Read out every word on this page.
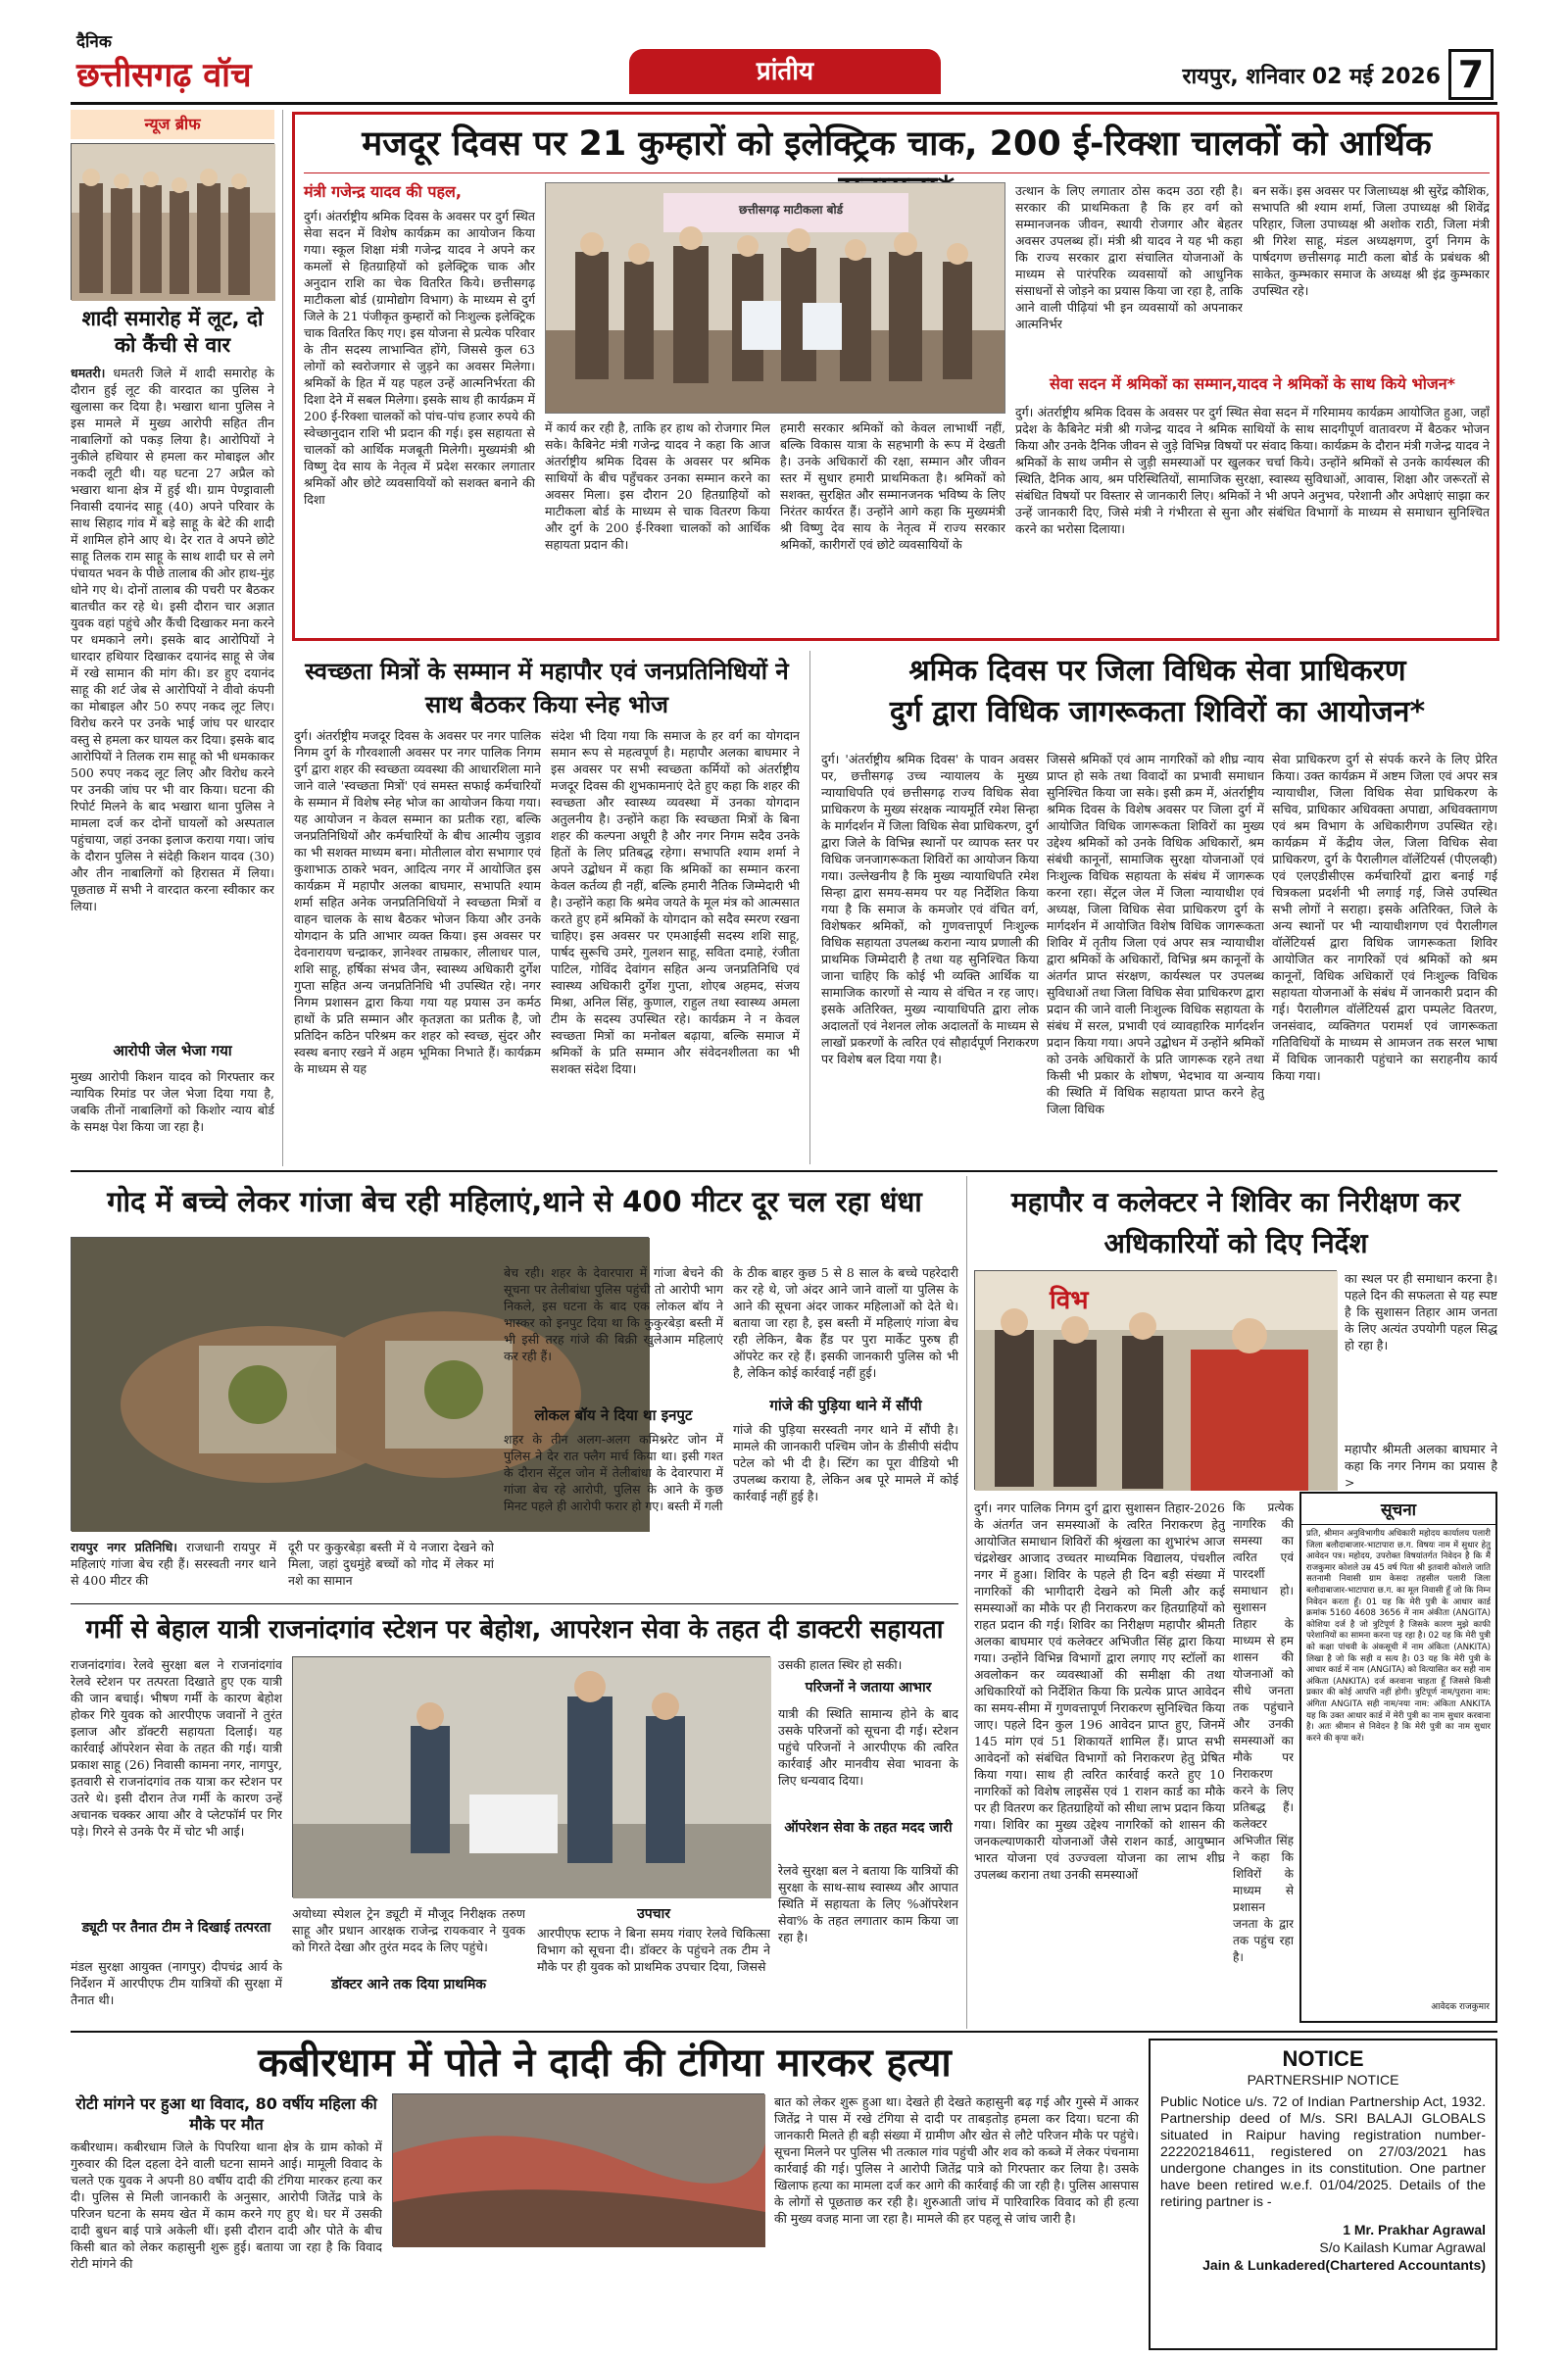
दैनिक
छत्तीसगढ़ वॉच	प्रांतीय	रायपुर, शनिवार 02 मई 2026 7
न्यूज ब्रीफ
शादी समारोह में लूट, दो को कैंची से वार
धमतरी। धमतरी जिले में शादी समारोह के दौरान हुई लूट की वारदात का पुलिस ने खुलासा कर दिया है। भखारा थाना पुलिस ने इस मामले में मुख्य आरोपी सहित तीन नाबालिगों को पकड़ लिया है। आरोपियों ने नुकीले हथियार से हमला कर मोबाइल और नकदी लूटी थी। यह घटना 27 अप्रैल को भखारा थाना क्षेत्र में हुई थी। ग्राम पेण्ड्रावाली निवासी दयानंद साहू (40) अपने परिवार के साथ सिहाद गांव में बड़े साहू के बेटे की शादी में शामिल होने आए थे। देर रात वे अपने छोटे साहू तिलक राम साहू के साथ शादी घर से लगे पंचायत भवन के पीछे तालाब की ओर हाथ-मुंह धोने गए थे। दोनों तालाब की पचरी पर बैठकर बातचीत कर रहे थे। इसी दौरान चार अज्ञात युवक वहां पहुंचे और कैंची दिखाकर मना करने पर धमकाने लगे। इसके बाद आरोपियों ने धारदार हथियार दिखाकर दयानंद साहू से जेब में रखे सामान की मांग की। डर हुए दयानंद साहू की शर्ट जेब से आरोपियों ने वीवो कंपनी का मोबाइल और 50 रुपए नकद लूट लिए। विरोध करने पर उनके भाई जांघ पर धारदार वस्तु से हमला कर घायल कर दिया। इसके बाद आरोपियों ने तिलक राम साहू को भी धमकाकर 500 रुपए नकद लूट लिए और विरोध करने पर उनकी जांघ पर भी वार किया। घटना की रिपोर्ट मिलने के बाद भखारा थाना पुलिस ने मामला दर्ज कर दोनों घायलों को अस्पताल पहुंचाया, जहां उनका इलाज कराया गया। जांच के दौरान पुलिस ने संदेही किशन यादव (30) और तीन नाबालिगों को हिरासत में लिया। पूछताछ में सभी ने वारदात करना स्वीकार कर लिया।
आरोपी जेल भेजा गया
मुख्य आरोपी किशन यादव को गिरफ्तार कर न्यायिक रिमांड पर जेल भेजा दिया गया है, जबकि तीनों नाबालिगों को किशोर न्याय बोर्ड के समक्ष पेश किया जा रहा है।
मजदूर दिवस पर 21 कुम्हारों को इलेक्ट्रिक चाक, 200 ई-रिक्शा चालकों को आर्थिक
मंत्री गजेन्द्र यादव की पहल,
दुर्ग। अंतर्राष्ट्रीय श्रमिक दिवस के अवसर पर दुर्ग स्थित सेवा सदन में विशेष कार्यक्रम का आयोजन किया गया। स्कूल शिक्षा मंत्री गजेन्द्र यादव ने अपने कर कमलों से हितग्राहियों को इलेक्ट्रिक चाक और अनुदान राशि का चेक वितरित किये। छत्तीसगढ़ माटीकला बोर्ड (ग्रामोद्योग विभाग) के माध्यम से दुर्ग जिले के 21 पंजीकृत कुम्हारों को निःशुल्क इलेक्ट्रिक चाक वितरित किए गए। इस योजना से प्रत्येक परिवार के तीन सदस्य लाभान्वित होंगे, जिससे कुल 63 लोगों को स्वरोजगार से जुड़ने का अवसर मिलेगा। श्रमिकों के हित में यह पहल उन्हें आत्मनिर्भरता की दिशा देने में सबल मिलेगा। इसके साथ ही कार्यक्रम में 200 ई-रिक्शा चालकों को पांच-पांच हजार रुपये की स्वेच्छानुदान राशि भी प्रदान की गई। इस सहायता से चालकों को आर्थिक मजबूती मिलेगी। मुख्यमंत्री श्री विष्णु देव साय के नेतृत्व में प्रदेश सरकार लगातार श्रमिकों और छोटे व्यवसायियों को सशक्त बनाने की दिशा
छत्तीसगढ़ माटीकला बोर्ड
में कार्य कर रही है, ताकि हर हाथ को रोजगार मिल सके। कैबिनेट मंत्री गजेन्द्र यादव ने कहा कि आज अंतर्राष्ट्रीय श्रमिक दिवस के अवसर पर श्रमिक साथियों के बीच पहुँचकर उनका सम्मान करने का अवसर मिला। इस दौरान 20 हितग्राहियों को माटीकला बोर्ड के माध्यम से चाक वितरण किया और दुर्ग के 200 ई-रिक्शा चालकों को आर्थिक सहायता प्रदान की।
हमारी सरकार श्रमिकों को केवल लाभार्थी नहीं, बल्कि विकास यात्रा के सहभागी के रूप में देखती है। उनके अधिकारों की रक्षा, सम्मान और जीवन स्तर में सुधार हमारी प्राथमिकता है। श्रमिकों को सशक्त, सुरक्षित और सम्मानजनक भविष्य के लिए निरंतर कार्यरत हैं। उन्होंने आगे कहा कि मुख्यमंत्री श्री विष्णु देव साय के नेतृत्व में राज्य सरकार श्रमिकों, कारीगरों एवं छोटे व्यवसायियों के
उत्थान के लिए लगातार ठोस कदम उठा रही है। सरकार की प्राथमिकता है कि हर वर्ग को सम्मानजनक जीवन, स्थायी रोजगार और बेहतर अवसर उपलब्ध हों। मंत्री श्री यादव ने यह भी कहा कि राज्य सरकार द्वारा संचालित योजनाओं के माध्यम से पारंपरिक व्यवसायों को आधुनिक संसाधनों से जोड़ने का प्रयास किया जा रहा है, ताकि आने वाली पीढ़ियां भी इन व्यवसायों को अपनाकर आत्मनिर्भर
बन सकें। इस अवसर पर जिलाध्यक्ष श्री सुरेंद्र कौशिक, सभापति श्री श्याम शर्मा, जिला उपाध्यक्ष श्री शिवेंद्र परिहार, जिला उपाध्यक्ष श्री अशोक राठी, जिला मंत्री श्री गिरेश साहू, मंडल अध्यक्षगण, दुर्ग निगम के पार्षदगण छत्तीसगढ़ माटी कला बोर्ड के प्रबंधक श्री साकेत, कुम्भकार समाज के अध्यक्ष श्री इंद्र कुम्भकार उपस्थित रहे।
सेवा सदन में श्रमिकों का सम्मान,यादव ने श्रमिकों के साथ किये भोजन*
दुर्ग। अंतर्राष्ट्रीय श्रमिक दिवस के अवसर पर दुर्ग स्थित सेवा सदन में गरिमामय कार्यक्रम आयोजित हुआ, जहाँ प्रदेश के कैबिनेट मंत्री श्री गजेन्द्र यादव ने श्रमिक साथियों के साथ सादगीपूर्ण वातावरण में बैठकर भोजन किया और उनके दैनिक जीवन से जुड़े विभिन्न विषयों पर संवाद किया। कार्यक्रम के दौरान मंत्री गजेन्द्र यादव ने श्रमिकों के साथ जमीन से जुड़ी समस्याओं पर खुलकर चर्चा किये। उन्होंने श्रमिकों से उनके कार्यस्थल की स्थिति, दैनिक आय, श्रम परिस्थितियों, सामाजिक सुरक्षा, स्वास्थ्य सुविधाओं, आवास, शिक्षा और जरूरतों से संबंधित विषयों पर विस्तार से जानकारी लिए। श्रमिकों ने भी अपने अनुभव, परेशानी और अपेक्षाएं साझा कर उन्हें जानकारी दिए, जिसे मंत्री ने गंभीरता से सुना और संबंधित विभागों के माध्यम से समाधान सुनिश्चित करने का भरोसा दिलाया।
स्वच्छता मित्रों के सम्मान में महापौर एवं जनप्रतिनिधियों ने साथ बैठकर किया स्नेह भोज
दुर्ग। अंतर्राष्ट्रीय मजदूर दिवस के अवसर पर नगर पालिक निगम दुर्ग के गौरवशाली अवसर पर नगर पालिक निगम दुर्ग द्वारा शहर की स्वच्छता व्यवस्था की आधारशिला माने जाने वाले 'स्वच्छता मित्रों' एवं समस्त सफाई कर्मचारियों के सम्मान में विशेष स्नेह भोज का आयोजन किया गया। यह आयोजन न केवल सम्मान का प्रतीक रहा, बल्कि जनप्रतिनिधियों और कर्मचारियों के बीच आत्मीय जुड़ाव का भी सशक्त माध्यम बना। मोतीलाल वोरा सभागार एवं कुशाभाऊ ठाकरे भवन, आदित्य नगर में आयोजित इस कार्यक्रम में महापौर अलका बाघमार, सभापति श्याम शर्मा सहित अनेक जनप्रतिनिधियों ने स्वच्छता मित्रों व वाहन चालक के साथ बैठकर भोजन किया और उनके योगदान के प्रति आभार व्यक्त किया। इस अवसर पर देवनारायण चन्द्राकर, ज्ञानेश्वर ताम्रकार, लीलाधर पाल, शशि साहू, हर्षिका संभव जैन, स्वास्थ्य अधिकारी दुर्गेश गुप्ता सहित अन्य जनप्रतिनिधि भी उपस्थित रहे। नगर निगम प्रशासन द्वारा किया गया यह प्रयास उन कर्मठ हाथों के प्रति सम्मान और कृतज्ञता का प्रतीक है, जो प्रतिदिन कठिन परिश्रम कर शहर को स्वच्छ, सुंदर और स्वस्थ बनाए रखने में अहम भूमिका निभाते हैं। कार्यक्रम के माध्यम से यह
संदेश भी दिया गया कि समाज के हर वर्ग का योगदान समान रूप से महत्वपूर्ण है। महापौर अलका बाघमार ने इस अवसर पर सभी स्वच्छता कर्मियों को अंतर्राष्ट्रीय मजदूर दिवस की शुभकामनाएं देते हुए कहा कि शहर की स्वच्छता और स्वास्थ्य व्यवस्था में उनका योगदान अतुलनीय है। उन्होंने कहा कि स्वच्छता मित्रों के बिना शहर की कल्पना अधूरी है और नगर निगम सदैव उनके हितों के लिए प्रतिबद्ध रहेगा। सभापति श्याम शर्मा ने अपने उद्बोधन में कहा कि श्रमिकों का सम्मान करना केवल कर्तव्य ही नहीं, बल्कि हमारी नैतिक जिम्मेदारी भी है। उन्होंने कहा कि श्रमेव जयते के मूल मंत्र को आत्मसात करते हुए हमें श्रमिकों के योगदान को सदैव स्मरण रखना चाहिए। इस अवसर पर एमआईसी सदस्य शशि साहू, पार्षद सुरूचि उमरे, गुलशन साहू, सविता दमाहे, रंजीता पाटिल, गोविंद देवांगन सहित अन्य जनप्रतिनिधि एवं स्वास्थ्य अधिकारी दुर्गेश गुप्ता, शोएब अहमद, संजय मिश्रा, अनिल सिंह, कुणाल, राहुल तथा स्वास्थ्य अमला टीम के सदस्य उपस्थित रहे। कार्यक्रम ने न केवल स्वच्छता मित्रों का मनोबल बढ़ाया, बल्कि समाज में श्रमिकों के प्रति सम्मान और संवेदनशीलता का भी सशक्त संदेश दिया।
श्रमिक दिवस पर जिला विधिक सेवा प्राधिकरण
दुर्ग द्वारा विधिक जागरूकता शिविरों का आयोजन*
दुर्ग। 'अंतर्राष्ट्रीय श्रमिक दिवस' के पावन अवसर पर, छत्तीसगढ़ उच्च न्यायालय के मुख्य न्यायाधिपति एवं छत्तीसगढ़ राज्य विधिक सेवा प्राधिकरण के मुख्य संरक्षक न्यायमूर्ति रमेश सिन्हा के मार्गदर्शन में जिला विधिक सेवा प्राधिकरण, दुर्ग द्वारा जिले के विभिन्न स्थानों पर व्यापक स्तर पर विधिक जनजागरूकता शिविरों का आयोजन किया गया। उल्लेखनीय है कि मुख्य न्यायाधिपति रमेश सिन्हा द्वारा समय-समय पर यह निर्देशित किया गया है कि समाज के कमजोर एवं वंचित वर्ग, विशेषकर श्रमिकों, को गुणवत्तापूर्ण निःशुल्क विधिक सहायता उपलब्ध कराना न्याय प्रणाली की प्राथमिक जिम्मेदारी है तथा यह सुनिश्चित किया जाना चाहिए कि कोई भी व्यक्ति आर्थिक या सामाजिक कारणों से न्याय से वंचित न रह जाए। इसके अतिरिक्त, मुख्य न्यायाधिपति द्वारा लोक अदालतों एवं नेशनल लोक अदालतों के माध्यम से लाखों प्रकरणों के त्वरित एवं सौहार्दपूर्ण निराकरण पर विशेष बल दिया गया है।
जिससे श्रमिकों एवं आम नागरिकों को शीघ्र न्याय प्राप्त हो सके तथा विवादों का प्रभावी समाधान सुनिश्चित किया जा सके। इसी क्रम में, अंतर्राष्ट्रीय श्रमिक दिवस के विशेष अवसर पर जिला दुर्ग में आयोजित विधिक जागरूकता शिविरों का मुख्य उद्देश्य श्रमिकों को उनके विधिक अधिकारों, श्रम संबंधी कानूनों, सामाजिक सुरक्षा योजनाओं एवं निःशुल्क विधिक सहायता के संबंध में जागरूक करना रहा। सेंट्रल जेल में जिला न्यायाधीश एवं अध्यक्ष, जिला विधिक सेवा प्राधिकरण दुर्ग के मार्गदर्शन में आयोजित विशेष विधिक जागरूकता शिविर में तृतीय जिला एवं अपर सत्र न्यायाधीश द्वारा श्रमिकों के अधिकारों, विभिन्न श्रम कानूनों के अंतर्गत प्राप्त संरक्षण, कार्यस्थल पर उपलब्ध सुविधाओं तथा जिला विधिक सेवा प्राधिकरण द्वारा प्रदान की जाने वाली निःशुल्क विधिक सहायता के संबंध में सरल, प्रभावी एवं व्यावहारिक मार्गदर्शन प्रदान किया गया। अपने उद्बोधन में उन्होंने श्रमिकों को उनके अधिकारों के प्रति जागरूक रहने तथा किसी भी प्रकार के शोषण, भेदभाव या अन्याय की स्थिति में विधिक सहायता प्राप्त करने हेतु जिला विधिक
सेवा प्राधिकरण दुर्ग से संपर्क करने के लिए प्रेरित किया। उक्त कार्यक्रम में अष्टम जिला एवं अपर सत्र न्यायाधीश, जिला विधिक सेवा प्राधिकरण के सचिव, प्राधिकार अधिवक्ता अपाद्या, अधिवक्तागण एवं श्रम विभाग के अधिकारीगण उपस्थित रहे। कार्यक्रम में केंद्रीय जेल, जिला विधिक सेवा प्राधिकरण, दुर्ग के पैरालीगल वॉलेंटियर्स (पीएलव्ही) एवं एलएडीसीएस कर्मचारियों द्वारा बनाई गई चित्रकला प्रदर्शनी भी लगाई गई, जिसे उपस्थित सभी लोगों ने सराहा। इसके अतिरिक्त, जिले के अन्य स्थानों पर भी न्यायाधीशगण एवं पैरालीगल वॉलेंटियर्स द्वारा विधिक जागरूकता शिविर आयोजित कर नागरिकों एवं श्रमिकों को श्रम कानूनों, विधिक अधिकारों एवं निःशुल्क विधिक सहायता योजनाओं के संबंध में जानकारी प्रदान की गई। पैरालीगल वॉलेंटियर्स द्वारा पम्पलेट वितरण, जनसंवाद, व्यक्तिगत परामर्श एवं जागरूकता गतिविधियों के माध्यम से आमजन तक सरल भाषा में विधिक जानकारी पहुंचाने का सराहनीय कार्य किया गया।
गोद में बच्चे लेकर गांजा बेच रही महिलाएं,थाने से 400 मीटर दूर चल रहा धंधा
रायपुर नगर प्रतिनिधि। राजधानी रायपुर में महिलाएं गांजा बेच रही हैं। सरस्वती नगर थाने से 400 मीटर की
दूरी पर कुकुरबेड़ा बस्ती में ये नजारा देखने को मिला, जहां दुधमुंहे बच्चों को गोद में लेकर मां नशे का सामान
बेच रही। शहर के देवारपारा में गांजा बेचने की सूचना पर तेलीबांधा पुलिस पहुंची तो आरोपी भाग निकले, इस घटना के बाद एक लोकल बॉय ने भास्कर को इनपुट दिया था कि कुकुरबेड़ा बस्ती में भी इसी तरह गांजे की बिक्री खुलेआम महिलाएं कर रही हैं।
लोकल बॉय ने दिया था इनपुट
शहर के तीन अलग-अलग कमिश्नरेट जोन में पुलिस ने देर रात फ्लैग मार्च किया था। इसी गश्त के दौरान सेंट्रल जोन में तेलीबांधा के देवारपारा में गांजा बेच रहे आरोपी, पुलिस के आने के कुछ मिनट पहले ही आरोपी फरार हो गए। बस्ती में गली
के ठीक बाहर कुछ 5 से 8 साल के बच्चे पहरेदारी कर रहे थे, जो अंदर आने जाने वालों या पुलिस के आने की सूचना अंदर जाकर महिलाओं को देते थे। बताया जा रहा है, इस बस्ती में महिलाएं गांजा बेच रही लेकिन, बैक हैंड पर पुरा मार्केट पुरुष ही ऑपरेट कर रहे हैं। इसकी जानकारी पुलिस को भी है, लेकिन कोई कार्रवाई नहीं हुई।
गांजे की पुड़िया थाने में सौंपी
गांजे की पुड़िया सरस्वती नगर थाने में सौंपी है। मामले की जानकारी पश्चिम जोन के डीसीपी संदीप पटेल को भी दी है। स्टिंग का पूरा वीडियो भी उपलब्ध कराया है, लेकिन अब पूरे मामले में कोई कार्रवाई नहीं हुई है।
महापौर व कलेक्टर ने शिविर का निरीक्षण कर अधिकारियों को दिए निर्देश
विभ
का स्थल पर ही समाधान करना है। पहले दिन की सफलता से यह स्पष्ट है कि सुशासन तिहार आम जनता के लिए अत्यंत उपयोगी पहल सिद्ध हो रहा है।
महापौर श्रीमती अलका बाघमार ने कहा कि नगर निगम का प्रयास है >
दुर्ग। नगर पालिक निगम दुर्ग द्वारा सुशासन तिहार-2026 के अंतर्गत जन समस्याओं के त्वरित निराकरण हेतु आयोजित समाधान शिविरों की श्रृंखला का शुभारंभ आज चंद्रशेखर आजाद उच्चतर माध्यमिक विद्यालय, पंचशील नगर में हुआ। शिविर के पहले ही दिन बड़ी संख्या में नागरिकों की भागीदारी देखने को मिली और कई समस्याओं का मौके पर ही निराकरण कर हितग्राहियों को राहत प्रदान की गई। शिविर का निरीक्षण महापौर श्रीमती अलका बाघमार एवं कलेक्टर अभिजीत सिंह द्वारा किया गया। उन्होंने विभिन्न विभागों द्वारा लगाए गए स्टॉलों का अवलोकन कर व्यवस्थाओं की समीक्षा की तथा अधिकारियों को निर्देशित किया कि प्रत्येक प्राप्त आवेदन का समय-सीमा में गुणवत्तापूर्ण निराकरण सुनिश्चित किया जाए। पहले दिन कुल 196 आवेदन प्राप्त हुए, जिनमें 145 मांग एवं 51 शिकायतें शामिल हैं। प्राप्त सभी आवेदनों को संबंधित विभागों को निराकरण हेतु प्रेषित किया गया। साथ ही त्वरित कार्रवाई करते हुए 10 नागरिकों को विशेष लाइसेंस एवं 1 राशन कार्ड का मौके पर ही वितरण कर हितग्राहियों को सीधा लाभ प्रदान किया गया। शिविर का मुख्य उद्देश्य नागरिकों को शासन की जनकल्याणकारी योजनाओं जैसे राशन कार्ड, आयुष्मान भारत योजना एवं उज्ज्वला योजना का लाभ शीघ्र उपलब्ध कराना तथा उनकी समस्याओं
कि प्रत्येक नागरिक की समस्या का त्वरित एवं पारदर्शी समाधान हो। सुशासन तिहार के माध्यम से हम शासन की योजनाओं को सीधे जनता तक पहुंचाने और उनकी समस्याओं का मौके पर निराकरण करने के लिए प्रतिबद्ध हैं। कलेक्टर अभिजीत सिंह ने कहा कि शिविरों के माध्यम से प्रशासन जनता के द्वार तक पहुंच रहा है।
सूचना
प्रति, श्रीमान अनुविभागीय अधिकारी महोदय कार्यालय पलारी जिला बलौदाबाजार-भाटापारा छ.ग. विषयः नाम में सुधार हेतु आवेदन पत्र। महोदय, उपरोक्त विषयांतर्गत निवेदन है कि मैं राजकुमार कोशले उम्र 45 वर्ष पिता श्री इतवारी कोशले जाति सतनामी निवासी ग्राम केसदा तहसील पलारी जिला बलौदाबाजार-भाटापारा छ.ग. का मूल निवासी हूँ जो कि निम्न निवेदन करता हूँ। 01 यह कि मेरी पुत्री के आधार कार्ड क्रमांक 5160 4608 3656 में नाम अंकीता (ANGITA) कोशिया दर्ज है जो त्रुटिपूर्ण है जिसके कारण मुझे काफी परेशानियों का सामना करना पड़ रहा है। 02 यह कि मेरी पुत्री को कक्षा पांचवी के अंकसूची में नाम अंकिता (ANKITA) लिखा है जो कि सही व सत्य है। 03 यह कि मेरी पुत्री के आधार कार्ड में नाम (ANGITA) को वित्यासित कर सही नाम अंकिता (ANKITA) दर्ज करवाना चाहता हूँ जिससे किसी प्रकार की कोई आपत्ति नहीं होगी। त्रुटिपूर्ण नाम/पुराना नाम: अंगिता ANGITA सही नाम/नया नाम: अंकिता ANKITA यह कि उक्त आधार कार्ड में मेरी पुत्री का नाम सुधार करवाना है। अतः श्रीमान से निवेदन है कि मेरी पुत्री का नाम सुधार करने की कृपा करें।
आवेदक राजकुमार
गर्मी से बेहाल यात्री राजनांदगांव स्टेशन पर बेहोश, आपरेशन सेवा के तहत दी डाक्टरी सहायता
राजनांदगांव। रेलवे सुरक्षा बल ने राजनांदगांव रेलवे स्टेशन पर तत्परता दिखाते हुए एक यात्री की जान बचाई। भीषण गर्मी के कारण बेहोश होकर गिरे युवक को आरपीएफ जवानों ने तुरंत इलाज और डॉक्टरी सहायता दिलाई। यह कार्रवाई ऑपरेशन सेवा के तहत की गई। यात्री प्रकाश साहू (26) निवासी कामना नगर, नागपुर, इतवारी से राजनांदगांव तक यात्रा कर स्टेशन पर उतरे थे। इसी दौरान तेज गर्मी के कारण उन्हें अचानक चक्कर आया और वे प्लेटफॉर्म पर गिर पड़े। गिरने से उनके पैर में चोट भी आई।
ड्यूटी पर तैनात टीम ने दिखाई तत्परता
मंडल सुरक्षा आयुक्त (नागपुर) दीपचंद्र आर्य के निर्देशन में आरपीएफ टीम यात्रियों की सुरक्षा में तैनात थी।
अयोध्या स्पेशल ट्रेन ड्यूटी में मौजूद निरीक्षक तरुण साहू और प्रधान आरक्षक राजेन्द्र रायकवार ने युवक को गिरते देखा और तुरंत मदद के लिए पहुंचे।
डॉक्टर आने तक दिया प्राथमिक
उपचार
आरपीएफ स्टाफ ने बिना समय गंवाए रेलवे चिकित्सा विभाग को सूचना दी। डॉक्टर के पहुंचने तक टीम ने मौके पर ही युवक को प्राथमिक उपचार दिया, जिससे
उसकी हालत स्थिर हो सकी।
परिजनों ने जताया आभार
यात्री की स्थिति सामान्य होने के बाद उसके परिजनों को सूचना दी गई। स्टेशन पहुंचे परिजनों ने आरपीएफ की त्वरित कार्रवाई और मानवीय सेवा भावना के लिए धन्यवाद दिया।
ऑपरेशन सेवा के तहत मदद जारी
रेलवे सुरक्षा बल ने बताया कि यात्रियों की सुरक्षा के साथ-साथ स्वास्थ्य और आपात स्थिति में सहायता के लिए %ऑपरेशन सेवा% के तहत लगातार काम किया जा रहा है।
कबीरधाम में पोते ने दादी की टंगिया मारकर हत्या
रोटी मांगने पर हुआ था विवाद, 80 वर्षीय महिला की मौके पर मौत
कबीरधाम। कबीरधाम जिले के पिपरिया थाना क्षेत्र के ग्राम कोको में गुरुवार की दिल दहला देने वाली घटना सामने आई। मामूली विवाद के चलते एक युवक ने अपनी 80 वर्षीय दादी की टंगिया मारकर हत्या कर दी। पुलिस से मिली जानकारी के अनुसार, आरोपी जितेंद्र पात्रे के परिजन घटना के समय खेत में काम करने गए हुए थे। घर में उसकी दादी बुधन बाई पात्रे अकेली थीं। इसी दौरान दादी और पोते के बीच किसी बात को लेकर कहासुनी शुरू हुई। बताया जा रहा है कि विवाद रोटी मांगने की
बात को लेकर शुरू हुआ था। देखते ही देखते कहासुनी बढ़ गई और गुस्से में आकर जितेंद्र ने पास में रखे टंगिया से दादी पर ताबड़तोड़ हमला कर दिया। घटना की जानकारी मिलते ही बड़ी संख्या में ग्रामीण और खेत से लौटे परिजन मौके पर पहुंचे। सूचना मिलने पर पुलिस भी तत्काल गांव पहुंची और शव को कब्जे में लेकर पंचनामा कार्रवाई की गई। पुलिस ने आरोपी जितेंद्र पात्रे को गिरफ्तार कर लिया है। उसके खिलाफ हत्या का मामला दर्ज कर आगे की कार्रवाई की जा रही है। पुलिस आसपास के लोगों से पूछताछ कर रही है। शुरुआती जांच में पारिवारिक विवाद को ही हत्या की मुख्य वजह माना जा रहा है। मामले की हर पहलू से जांच जारी है।
NOTICE
PARTNERSHIP NOTICE
Public Notice u/s. 72 of Indian Partnership Act, 1932. Partnership deed of M/s. SRI BALAJI GLOBALS situated in Raipur having registration number-222202184611, registered on 27/03/2021 has undergone changes in its constitution. One partner have been retired w.e.f. 01/04/2025. Details of the retiring partner is -
1 Mr. Prakhar Agrawal
S/o Kailash Kumar Agrawal
Jain & Lunkadered(Chartered Accountants)
